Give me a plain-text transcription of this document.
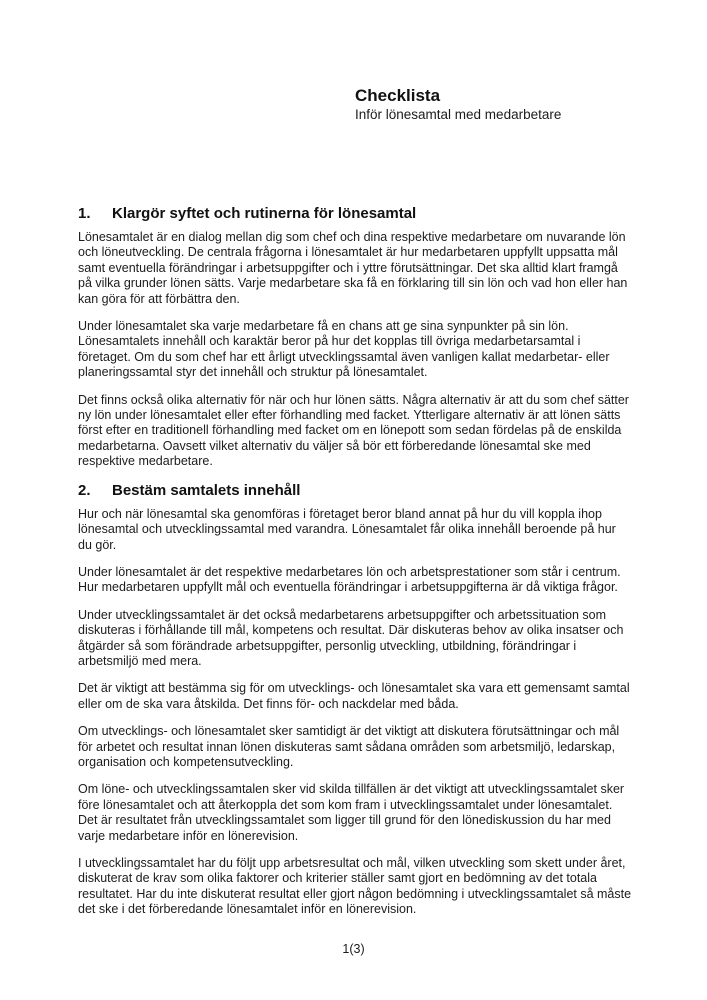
Checklista

Inför lönesamtal med medarbetare

1.	Klargör syftet och rutinerna för lönesamtal

Lönesamtalet är en dialog mellan dig som chef och dina respektive medarbetare om nuvarande lön och löneutveckling. De centrala frågorna i lönesamtalet är hur medarbetaren uppfyllt uppsatta mål samt eventuella förändringar i arbetsuppgifter och i yttre förutsättningar. Det ska alltid klart framgå på vilka grunder lönen sätts. Varje medarbetare ska få en förklaring till sin lön och vad hon eller han kan göra för att förbättra den.

Under lönesamtalet ska varje medarbetare få en chans att ge sina synpunkter på sin lön. Lönesamtalets innehåll och karaktär beror på hur det kopplas till övriga medarbetarsamtal i företaget. Om du som chef har ett årligt utvecklingssamtal även vanligen kallat medarbetar- eller planeringssamtal styr det innehåll och struktur på lönesamtalet.

Det finns också olika alternativ för när och hur lönen sätts. Några alternativ är att du som chef sätter ny lön under lönesamtalet eller efter förhandling med facket. Ytterligare alternativ är att lönen sätts först efter en traditionell förhandling med facket om en lönepott som sedan fördelas på de enskilda medarbetarna. Oavsett vilket alternativ du väljer så bör ett förberedande lönesamtal ske med respektive medarbetare.

2.	Bestäm samtalets innehåll

Hur och när lönesamtal ska genomföras i företaget beror bland annat på hur du vill koppla ihop lönesamtal och utvecklingssamtal med varandra. Lönesamtalet får olika innehåll beroende på hur du gör.

Under lönesamtalet är det respektive medarbetares lön och arbetsprestationer som står i centrum. Hur medarbetaren uppfyllt mål och eventuella förändringar i arbetsuppgifterna är då viktiga frågor.

Under utvecklingssamtalet är det också medarbetarens arbetsuppgifter och arbetssituation som diskuteras i förhållande till mål, kompetens och resultat. Där diskuteras behov av olika insatser och åtgärder så som förändrade arbetsuppgifter, personlig utveckling, utbildning, förändringar i arbetsmiljö med mera.

Det är viktigt att bestämma sig för om utvecklings- och lönesamtalet ska vara ett gemensamt samtal eller om de ska vara åtskilda. Det finns för- och nackdelar med båda.

Om utvecklings- och lönesamtalet sker samtidigt är det viktigt att diskutera förutsättningar och mål för arbetet och resultat innan lönen diskuteras samt sådana områden som arbetsmiljö, ledarskap, organisation och kompetensutveckling.

Om löne- och utvecklingssamtalen sker vid skilda tillfällen är det viktigt att utvecklingssamtalet sker före lönesamtalet och att återkoppla det som kom fram i utvecklingssamtalet under lönesamtalet. Det är resultatet från utvecklingssamtalet som ligger till grund för den lönediskussion du har med varje medarbetare inför en lönerevision.

I utvecklingssamtalet har du följt upp arbetsresultat och mål, vilken utveckling som skett under året, diskuterat de krav som olika faktorer och kriterier ställer samt gjort en bedömning av det totala resultatet. Har du inte diskuterat resultat eller gjort någon bedömning i utvecklingssamtalet så måste det ske i det förberedande lönesamtalet inför en lönerevision.

1(3)
